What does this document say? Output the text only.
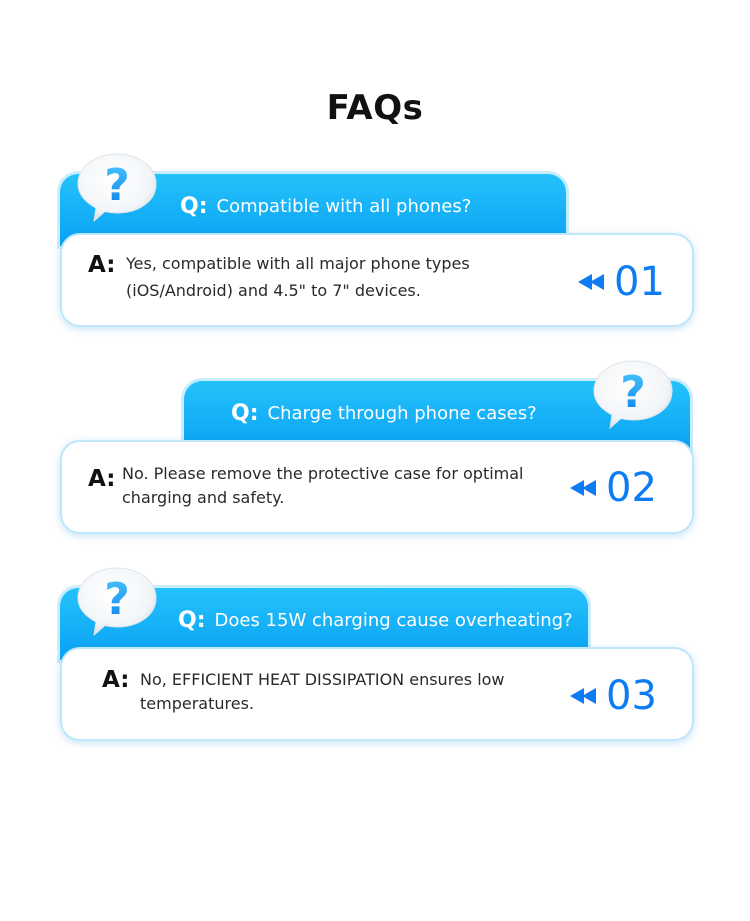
FAQs
Q: Compatible with all phones?
A: Yes, compatible with all major phone types
(iOS/Android) and 4.5" to 7" devices.	01
Q: Charge through phone cases?
A: No. Please remove the protective case for optimal
charging and safety.	02
Q: Does 15W charging cause overheating?
A: No, EFFICIENT HEAT DISSIPATION ensures low
temperatures.	03
